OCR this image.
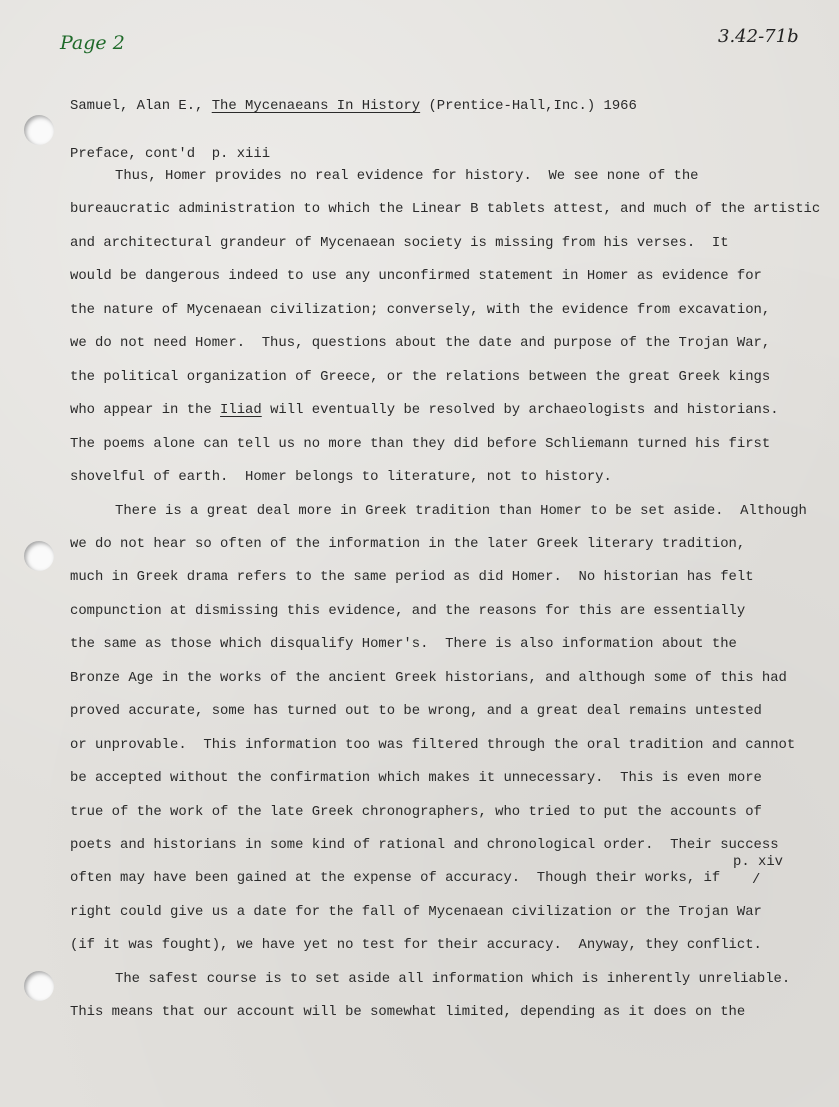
Page 2	3.42-71b
Samuel, Alan E., The Mycenaeans In History (Prentice-Hall,Inc.) 1966
Preface, cont'd  p. xiii
Thus, Homer provides no real evidence for history.  We see none of the
bureaucratic administration to which the Linear B tablets attest, and much of the artistic
and architectural grandeur of Mycenaean society is missing from his verses.  It
would be dangerous indeed to use any unconfirmed statement in Homer as evidence for
the nature of Mycenaean civilization; conversely, with the evidence from excavation,
we do not need Homer.  Thus, questions about the date and purpose of the Trojan War,
the political organization of Greece, or the relations between the great Greek kings
who appear in the Iliad will eventually be resolved by archaeologists and historians.
The poems alone can tell us no more than they did before Schliemann turned his first
shovelful of earth.  Homer belongs to literature, not to history.
There is a great deal more in Greek tradition than Homer to be set aside.  Although
we do not hear so often of the information in the later Greek literary tradition,
much in Greek drama refers to the same period as did Homer.  No historian has felt
compunction at dismissing this evidence, and the reasons for this are essentially
the same as those which disqualify Homer's.  There is also information about the
Bronze Age in the works of the ancient Greek historians, and although some of this had
proved accurate, some has turned out to be wrong, and a great deal remains untested
or unprovable.  This information too was filtered through the oral tradition and cannot
be accepted without the confirmation which makes it unnecessary.  This is even more
true of the work of the late Greek chronographers, who tried to put the accounts of
poets and historians in some kind of rational and chronological order.  Their success
often may have been gained at the expense of accuracy.  Though their works, if
right could give us a date for the fall of Mycenaean civilization or the Trojan War
(if it was fought), we have yet no test for their accuracy.  Anyway, they conflict.
The safest course is to set aside all information which is inherently unreliable.
This means that our account will be somewhat limited, depending as it does on the
p. xiv
/
